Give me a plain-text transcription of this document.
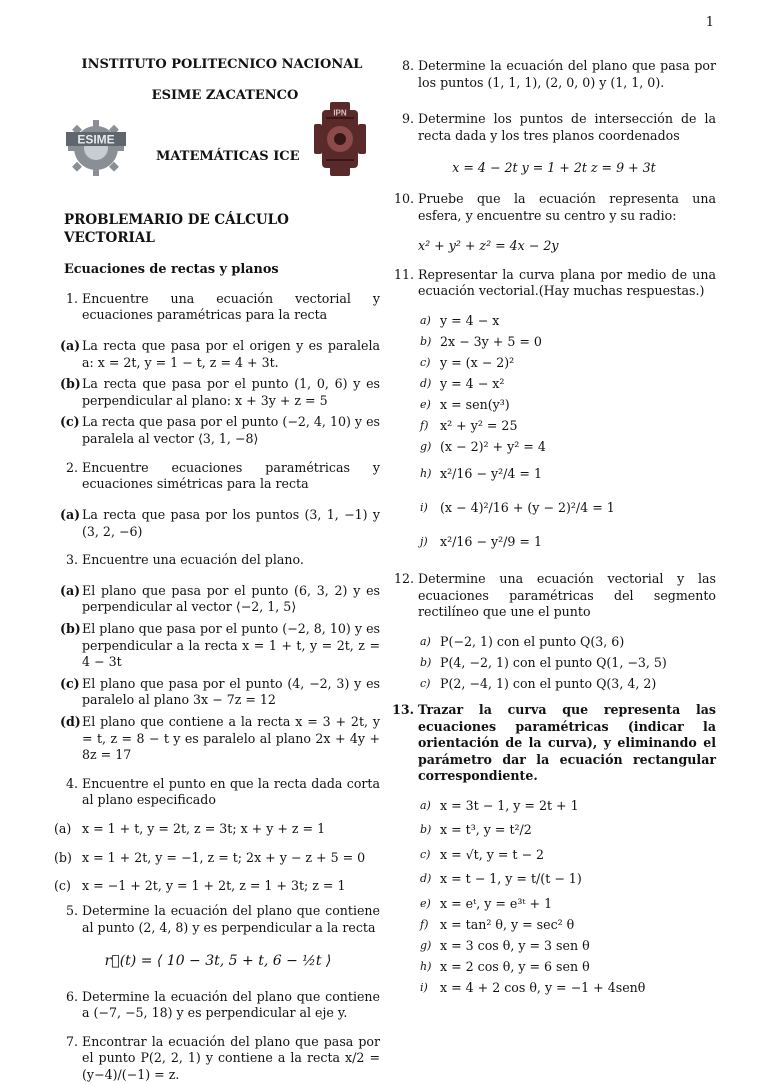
1
INSTITUTO POLITECNICO NACIONAL
ESIME ZACATENCO
ESIME
MATEMÁTICAS ICE
IPN
PROBLEMARIO DE CÁLCULO VECTORIAL
Ecuaciones de rectas y planos
1. Encuentre una ecuación vectorial y ecuaciones paramétricas para la recta
(a) La recta que pasa por el origen y es paralela a: x = 2t, y = 1 − t, z = 4 + 3t.
(b) La recta que pasa por el punto (1, 0, 6) y es perpendicular al plano: x + 3y + z = 5
(c) La recta que pasa por el punto (−2, 4, 10) y es paralela al vector ⟨3, 1, −8⟩
2. Encuentre ecuaciones paramétricas y ecuaciones simétricas para la recta
(a) La recta que pasa por los puntos (3, 1, −1) y (3, 2, −6)
3. Encuentre una ecuación del plano.
(a) El plano que pasa por el punto (6, 3, 2) y es perpendicular al vector ⟨−2, 1, 5⟩
(b) El plano que pasa por el punto (−2, 8, 10) y es perpendicular a la recta x = 1 + t, y = 2t, z = 4 − 3t
(c) El plano que pasa por el punto (4, −2, 3) y es paralelo al plano 3x − 7z = 12
(d) El plano que contiene a la recta x = 3 + 2t, y = t, z = 8 − t y es paralelo al plano 2x + 4y + 8z = 17
4. Encuentre el punto en que la recta dada corta al plano especificado
(a) x = 1 + t, y = 2t, z = 3t; x + y + z = 1
(b) x = 1 + 2t, y = −1, z = t; 2x + y − z + 5 = 0
(c) x = −1 + 2t, y = 1 + 2t, z = 1 + 3t; z = 1
5. Determine la ecuación del plano que contiene al punto (2, 4, 8) y es perpendicular a la recta
r⃗(t) = ⟨ 10 − 3t, 5 + t, 6 − ½t ⟩
6. Determine la ecuación del plano que contiene a (−7, −5, 18) y es perpendicular al eje y.
7. Encontrar la ecuación del plano que pasa por el punto P(2, 2, 1) y contiene a la recta x/2 = (y−4)/(−1) = z.
8. Determine la ecuación del plano que pasa por los puntos (1, 1, 1), (2, 0, 0) y (1, 1, 0).
9. Determine los puntos de intersección de la recta dada y los tres planos coordenados
x = 4 − 2t y = 1 + 2t z = 9 + 3t
10. Pruebe que la ecuación representa una esfera, y encuentre su centro y su radio:
x² + y² + z² = 4x − 2y
11. Representar la curva plana por medio de una ecuación vectorial.(Hay muchas respuestas.)
a) y = 4 − x
b) 2x − 3y + 5 = 0
c) y = (x − 2)²
d) y = 4 − x²
e) x = sen(y³)
f) x² + y² = 25
g) (x − 2)² + y² = 4
h) x²/16 − y²/4 = 1
i) (x − 4)²/16 + (y − 2)²/4 = 1
j) x²/16 − y²/9 = 1
12. Determine una ecuación vectorial y las ecuaciones paramétricas del segmento rectilíneo que une el punto
a) P(−2, 1) con el punto Q(3, 6)
b) P(4, −2, 1) con el punto Q(1, −3, 5)
c) P(2, −4, 1) con el punto Q(3, 4, 2)
13. Trazar la curva que representa las ecuaciones paramétricas (indicar la orientación de la curva), y eliminando el parámetro dar la ecuación rectangular correspondiente.
a) x = 3t − 1, y = 2t + 1
b) x = t³, y = t²/2
c) x = √t, y = t − 2
d) x = t − 1, y = t/(t − 1)
e) x = eᵗ, y = e³ᵗ + 1
f) x = tan² θ, y = sec² θ
g) x = 3 cos θ, y = 3 sen θ
h) x = 2 cos θ, y = 6 sen θ
i) x = 4 + 2 cos θ, y = −1 + 4senθ
